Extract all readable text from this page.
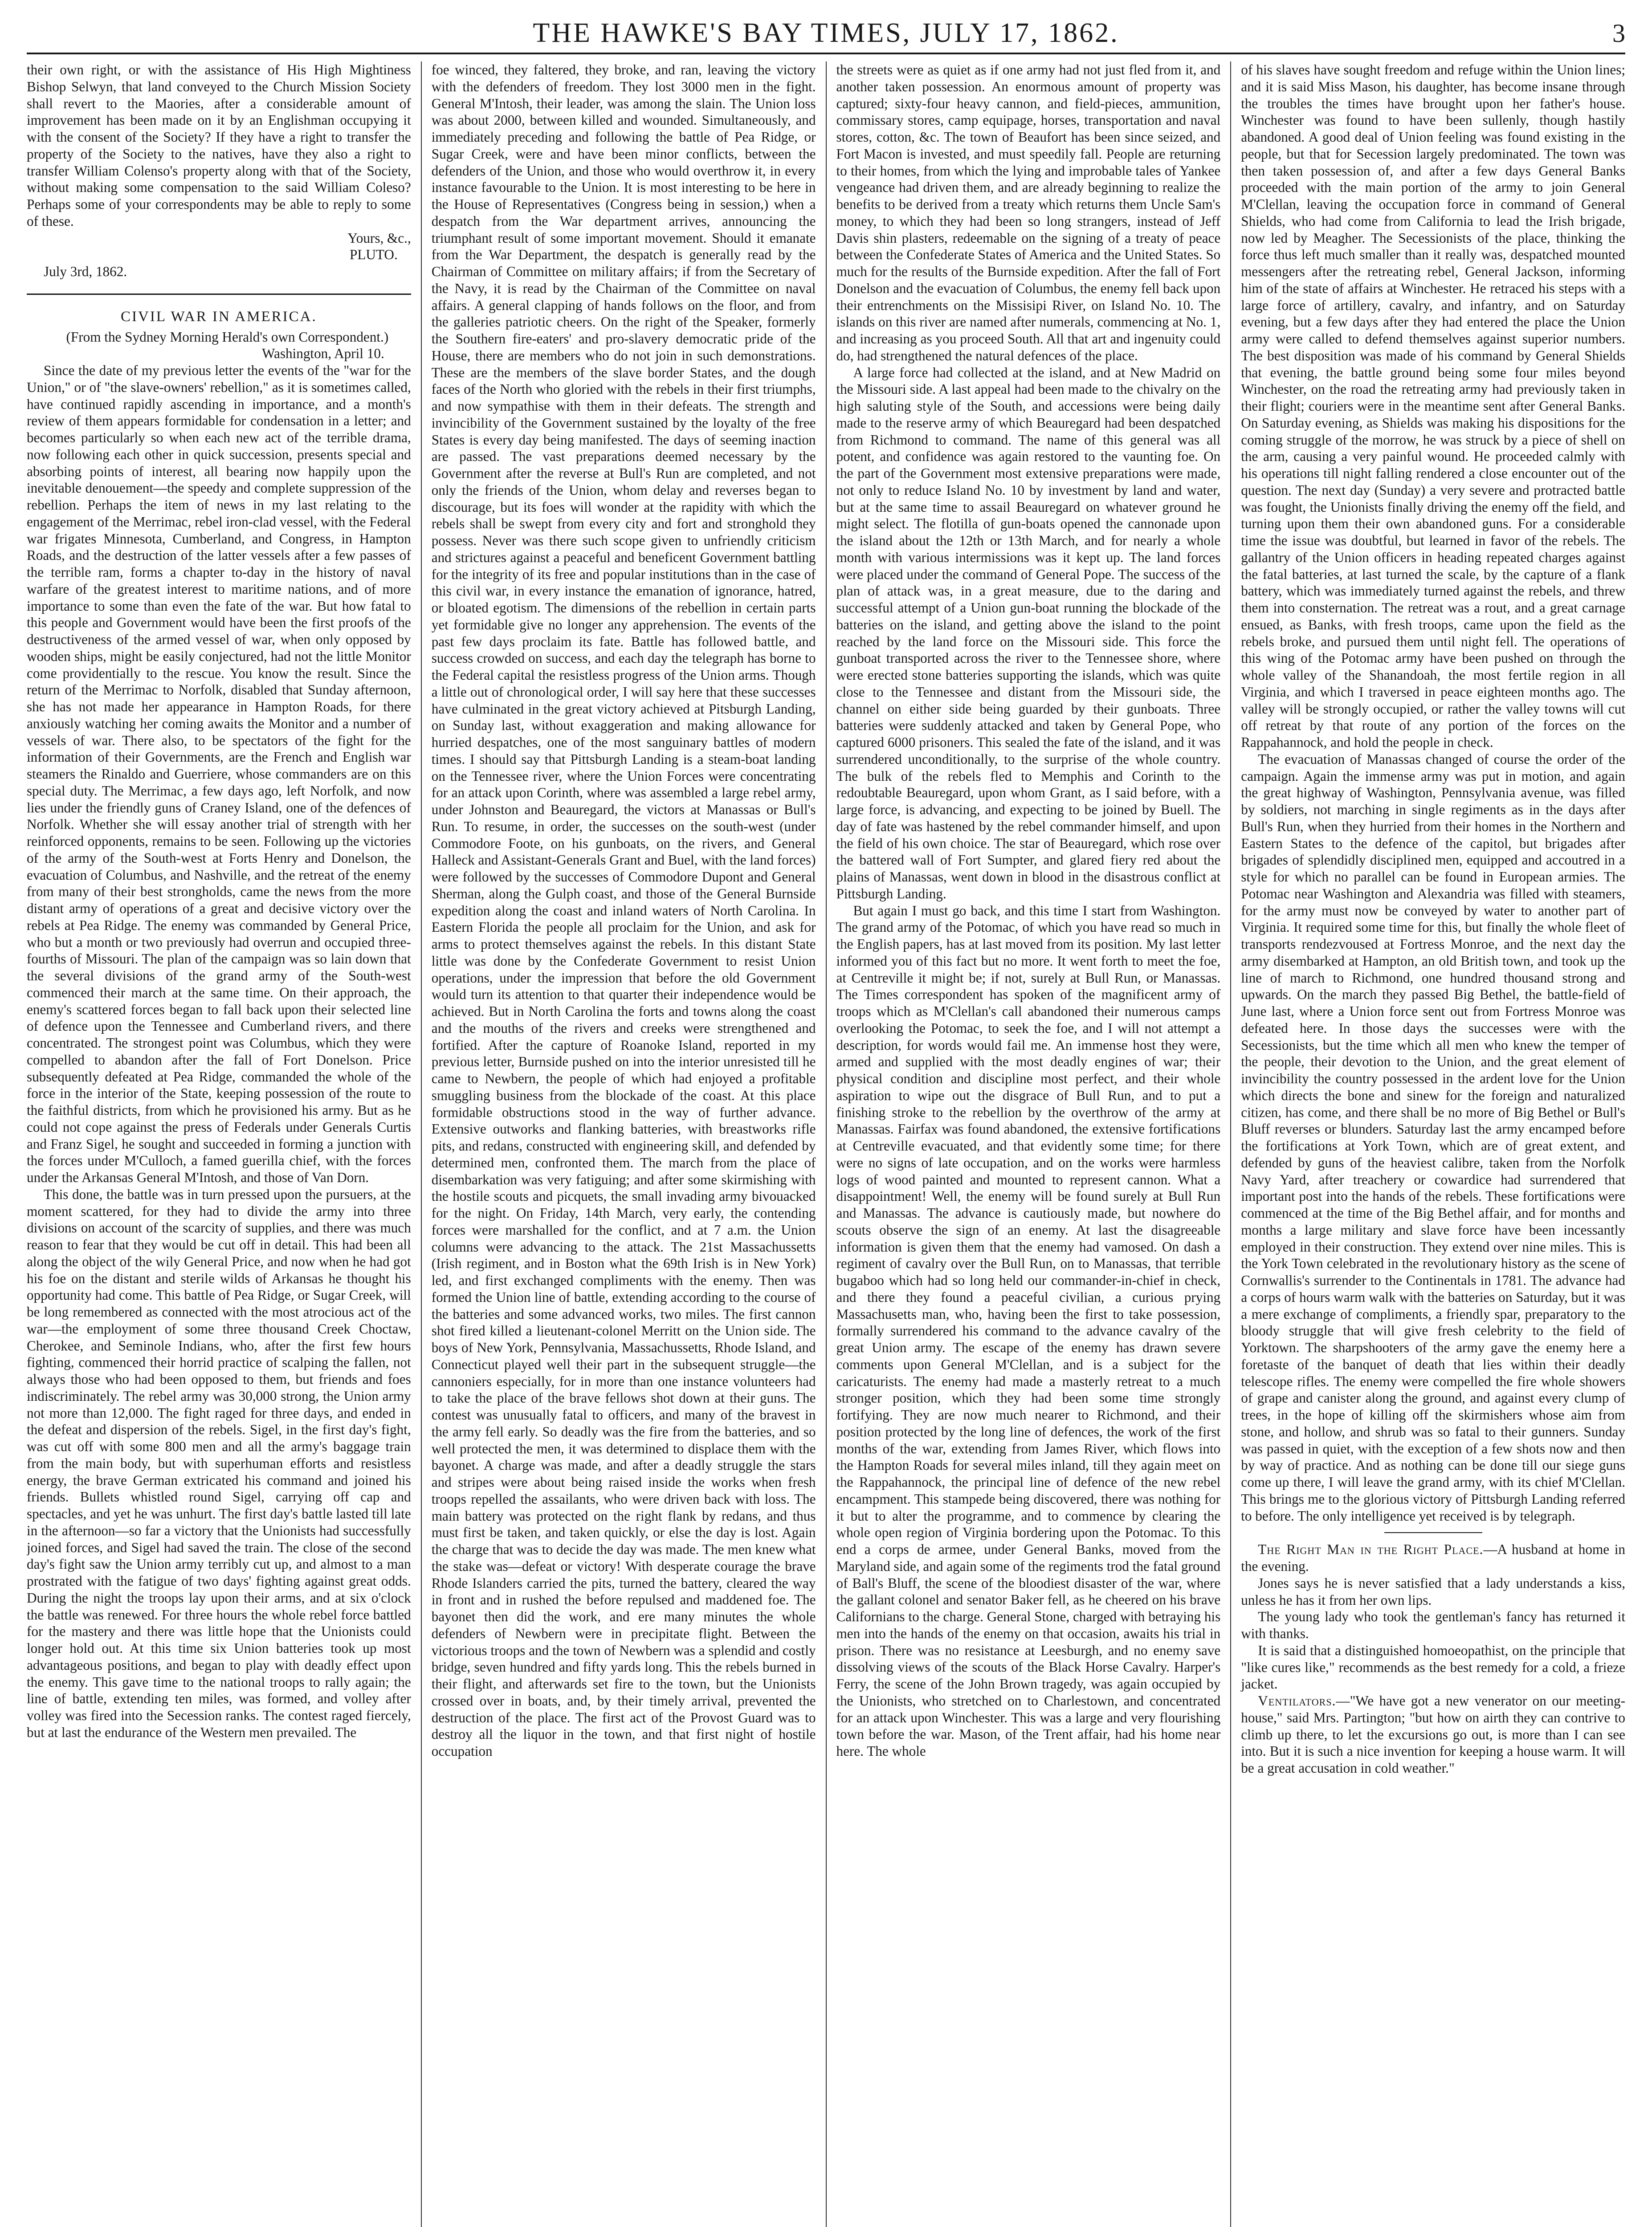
THE HAWKE'S BAY TIMES, JULY 17, 1862.	3

their own right, or with the assistance of His High Mightiness Bishop Selwyn, that land conveyed to the Church Mission Society shall revert to the Maories, after a considerable amount of improvement has been made on it by an Englishman occupying it with the consent of the Society? If they have a right to transfer the property of the Society to the natives, have they also a right to transfer William Colenso's property along with that of the Society, without making some compensation to the said William Coleso? Perhaps some of your correspondents may be able to reply to some of these.

Yours, &c.,

PLUTO.

July 3rd, 1862.

CIVIL WAR IN AMERICA.

(From the Sydney Morning Herald's own Correspondent.)

Washington, April 10.

Since the date of my previous letter the events of the "war for the Union," or of "the slave-owners' rebellion," as it is sometimes called, have continued rapidly ascending in importance, and a month's review of them appears formidable for condensation in a letter; and becomes particularly so when each new act of the terrible drama, now following each other in quick succession, presents special and absorbing points of interest, all bearing now happily upon the inevitable denouement—the speedy and complete suppression of the rebellion. Perhaps the item of news in my last relating to the engagement of the Merrimac, rebel iron-clad vessel, with the Federal war frigates Minnesota, Cumberland, and Congress, in Hampton Roads, and the destruction of the latter vessels after a few passes of the terrible ram, forms a chapter to-day in the history of naval warfare of the greatest interest to maritime nations, and of more importance to some than even the fate of the war. But how fatal to this people and Government would have been the first proofs of the destructiveness of the armed vessel of war, when only opposed by wooden ships, might be easily conjectured, had not the little Monitor come providentially to the rescue. You know the result. Since the return of the Merrimac to Norfolk, disabled that Sunday afternoon, she has not made her appearance in Hampton Roads, for there anxiously watching her coming awaits the Monitor and a number of vessels of war. There also, to be spectators of the fight for the information of their Governments, are the French and English war steamers the Rinaldo and Guerriere, whose commanders are on this special duty. The Merrimac, a few days ago, left Norfolk, and now lies under the friendly guns of Craney Island, one of the defences of Norfolk. Whether she will essay another trial of strength with her reinforced opponents, remains to be seen. Following up the victories of the army of the South-west at Forts Henry and Donelson, the evacuation of Columbus, and Nashville, and the retreat of the enemy from many of their best strongholds, came the news from the more distant army of operations of a great and decisive victory over the rebels at Pea Ridge. The enemy was commanded by General Price, who but a month or two previously had overrun and occupied three-fourths of Missouri. The plan of the campaign was so lain down that the several divisions of the grand army of the South-west commenced their march at the same time. On their approach, the enemy's scattered forces began to fall back upon their selected line of defence upon the Tennessee and Cumberland rivers, and there concentrated. The strongest point was Columbus, which they were compelled to abandon after the fall of Fort Donelson. Price subsequently defeated at Pea Ridge, commanded the whole of the force in the interior of the State, keeping possession of the route to the faithful districts, from which he provisioned his army. But as he could not cope against the press of Federals under Generals Curtis and Franz Sigel, he sought and succeeded in forming a junction with the forces under M'Culloch, a famed guerilla chief, with the forces under the Arkansas General M'Intosh, and those of Van Dorn.

This done, the battle was in turn pressed upon the pursuers, at the moment scattered, for they had to divide the army into three divisions on account of the scarcity of supplies, and there was much reason to fear that they would be cut off in detail. This had been all along the object of the wily General Price, and now when he had got his foe on the distant and sterile wilds of Arkansas he thought his opportunity had come. This battle of Pea Ridge, or Sugar Creek, will be long remembered as connected with the most atrocious act of the war—the employment of some three thousand Creek Choctaw, Cherokee, and Seminole Indians, who, after the first few hours fighting, commenced their horrid practice of scalping the fallen, not always those who had been opposed to them, but friends and foes indiscriminately. The rebel army was 30,000 strong, the Union army not more than 12,000. The fight raged for three days, and ended in the defeat and dispersion of the rebels. Sigel, in the first day's fight, was cut off with some 800 men and all the army's baggage train from the main body, but with superhuman efforts and resistless energy, the brave German extricated his command and joined his friends. Bullets whistled round Sigel, carrying off cap and spectacles, and yet he was unhurt. The first day's battle lasted till late in the afternoon—so far a victory that the Unionists had successfully joined forces, and Sigel had saved the train. The close of the second day's fight saw the Union army terribly cut up, and almost to a man prostrated with the fatigue of two days' fighting against great odds. During the night the troops lay upon their arms, and at six o'clock the battle was renewed. For three hours the whole rebel force battled for the mastery and there was little hope that the Unionists could longer hold out. At this time six Union batteries took up most advantageous positions, and began to play with deadly effect upon the enemy. This gave time to the national troops to rally again; the line of battle, extending ten miles, was formed, and volley after volley was fired into the Secession ranks. The contest raged fiercely, but at last the endurance of the Western men prevailed. The

foe winced, they faltered, they broke, and ran, leaving the victory with the defenders of freedom. They lost 3000 men in the fight. General M'Intosh, their leader, was among the slain. The Union loss was about 2000, between killed and wounded. Simultaneously, and immediately preceding and following the battle of Pea Ridge, or Sugar Creek, were and have been minor conflicts, between the defenders of the Union, and those who would overthrow it, in every instance favourable to the Union. It is most interesting to be here in the House of Representatives (Congress being in session,) when a despatch from the War department arrives, announcing the triumphant result of some important movement. Should it emanate from the War Department, the despatch is generally read by the Chairman of Committee on military affairs; if from the Secretary of the Navy, it is read by the Chairman of the Committee on naval affairs. A general clapping of hands follows on the floor, and from the galleries patriotic cheers. On the right of the Speaker, formerly the Southern fire-eaters' and pro-slavery democratic pride of the House, there are members who do not join in such demonstrations. These are the members of the slave border States, and the dough faces of the North who gloried with the rebels in their first triumphs, and now sympathise with them in their defeats. The strength and invincibility of the Government sustained by the loyalty of the free States is every day being manifested. The days of seeming inaction are passed. The vast preparations deemed necessary by the Government after the reverse at Bull's Run are completed, and not only the friends of the Union, whom delay and reverses began to discourage, but its foes will wonder at the rapidity with which the rebels shall be swept from every city and fort and stronghold they possess. Never was there such scope given to unfriendly criticism and strictures against a peaceful and beneficent Government battling for the integrity of its free and popular institutions than in the case of this civil war, in every instance the emanation of ignorance, hatred, or bloated egotism. The dimensions of the rebellion in certain parts yet formidable give no longer any apprehension. The events of the past few days proclaim its fate. Battle has followed battle, and success crowded on success, and each day the telegraph has borne to the Federal capital the resistless progress of the Union arms. Though a little out of chronological order, I will say here that these successes have culminated in the great victory achieved at Pitsburgh Landing, on Sunday last, without exaggeration and making allowance for hurried despatches, one of the most sanguinary battles of modern times. I should say that Pittsburgh Landing is a steam-boat landing on the Tennessee river, where the Union Forces were concentrating for an attack upon Corinth, where was assembled a large rebel army, under Johnston and Beauregard, the victors at Manassas or Bull's Run. To resume, in order, the successes on the south-west (under Commodore Foote, on his gunboats, on the rivers, and General Halleck and Assistant-Generals Grant and Buel, with the land forces) were followed by the successes of Commodore Dupont and General Sherman, along the Gulph coast, and those of the General Burnside expedition along the coast and inland waters of North Carolina. In Eastern Florida the people all proclaim for the Union, and ask for arms to protect themselves against the rebels. In this distant State little was done by the Confederate Government to resist Union operations, under the impression that before the old Government would turn its attention to that quarter their independence would be achieved. But in North Carolina the forts and towns along the coast and the mouths of the rivers and creeks were strengthened and fortified. After the capture of Roanoke Island, reported in my previous letter, Burnside pushed on into the interior unresisted till he came to Newbern, the people of which had enjoyed a profitable smuggling business from the blockade of the coast. At this place formidable obstructions stood in the way of further advance. Extensive outworks and flanking batteries, with breastworks rifle pits, and redans, constructed with engineering skill, and defended by determined men, confronted them. The march from the place of disembarkation was very fatiguing; and after some skirmishing with the hostile scouts and picquets, the small invading army bivouacked for the night. On Friday, 14th March, very early, the contending forces were marshalled for the conflict, and at 7 a.m. the Union columns were advancing to the attack. The 21st Massachussetts (Irish regiment, and in Boston what the 69th Irish is in New York) led, and first exchanged compliments with the enemy. Then was formed the Union line of battle, extending according to the course of the batteries and some advanced works, two miles. The first cannon shot fired killed a lieutenant-colonel Merritt on the Union side. The boys of New York, Pennsylvania, Massachussetts, Rhode Island, and Connecticut played well their part in the subsequent struggle—the cannoniers especially, for in more than one instance volunteers had to take the place of the brave fellows shot down at their guns. The contest was unusually fatal to officers, and many of the bravest in the army fell early. So deadly was the fire from the batteries, and so well protected the men, it was determined to displace them with the bayonet. A charge was made, and after a deadly struggle the stars and stripes were about being raised inside the works when fresh troops repelled the assailants, who were driven back with loss. The main battery was protected on the right flank by redans, and thus must first be taken, and taken quickly, or else the day is lost. Again the charge that was to decide the day was made. The men knew what the stake was—defeat or victory! With desperate courage the brave Rhode Islanders carried the pits, turned the battery, cleared the way in front and in rushed the before repulsed and maddened foe. The bayonet then did the work, and ere many minutes the whole defenders of Newbern were in precipitate flight. Between the victorious troops and the town of Newbern was a splendid and costly bridge, seven hundred and fifty yards long. This the rebels burned in their flight, and afterwards set fire to the town, but the Unionists crossed over in boats, and, by their timely arrival, prevented the destruction of the place. The first act of the Provost Guard was to destroy all the liquor in the town, and that first night of hostile occupation

the streets were as quiet as if one army had not just fled from it, and another taken possession. An enormous amount of property was captured; sixty-four heavy cannon, and field-pieces, ammunition, commissary stores, camp equipage, horses, transportation and naval stores, cotton, &c. The town of Beaufort has been since seized, and Fort Macon is invested, and must speedily fall. People are returning to their homes, from which the lying and improbable tales of Yankee vengeance had driven them, and are already beginning to realize the benefits to be derived from a treaty which returns them Uncle Sam's money, to which they had been so long strangers, instead of Jeff Davis shin plasters, redeemable on the signing of a treaty of peace between the Confederate States of America and the United States. So much for the results of the Burnside expedition. After the fall of Fort Donelson and the evacuation of Columbus, the enemy fell back upon their entrenchments on the Missisipi River, on Island No. 10. The islands on this river are named after numerals, commencing at No. 1, and increasing as you proceed South. All that art and ingenuity could do, had strengthened the natural defences of the place.

A large force had collected at the island, and at New Madrid on the Missouri side. A last appeal had been made to the chivalry on the high saluting style of the South, and accessions were being daily made to the reserve army of which Beauregard had been despatched from Richmond to command. The name of this general was all potent, and confidence was again restored to the vaunting foe. On the part of the Government most extensive preparations were made, not only to reduce Island No. 10 by investment by land and water, but at the same time to assail Beauregard on whatever ground he might select. The flotilla of gun-boats opened the cannonade upon the island about the 12th or 13th March, and for nearly a whole month with various intermissions was it kept up. The land forces were placed under the command of General Pope. The success of the plan of attack was, in a great measure, due to the daring and successful attempt of a Union gun-boat running the blockade of the batteries on the island, and getting above the island to the point reached by the land force on the Missouri side. This force the gunboat transported across the river to the Tennessee shore, where were erected stone batteries supporting the islands, which was quite close to the Tennessee and distant from the Missouri side, the channel on either side being guarded by their gunboats. Three batteries were suddenly attacked and taken by General Pope, who captured 6000 prisoners. This sealed the fate of the island, and it was surrendered unconditionally, to the surprise of the whole country. The bulk of the rebels fled to Memphis and Corinth to the redoubtable Beauregard, upon whom Grant, as I said before, with a large force, is advancing, and expecting to be joined by Buell. The day of fate was hastened by the rebel commander himself, and upon the field of his own choice. The star of Beauregard, which rose over the battered wall of Fort Sumpter, and glared fiery red about the plains of Manassas, went down in blood in the disastrous conflict at Pittsburgh Landing.

But again I must go back, and this time I start from Washington. The grand army of the Potomac, of which you have read so much in the English papers, has at last moved from its position. My last letter informed you of this fact but no more. It went forth to meet the foe, at Centreville it might be; if not, surely at Bull Run, or Manassas. The Times correspondent has spoken of the magnificent army of troops which as M'Clellan's call abandoned their numerous camps overlooking the Potomac, to seek the foe, and I will not attempt a description, for words would fail me. An immense host they were, armed and supplied with the most deadly engines of war; their physical condition and discipline most perfect, and their whole aspiration to wipe out the disgrace of Bull Run, and to put a finishing stroke to the rebellion by the overthrow of the army at Manassas. Fairfax was found abandoned, the extensive fortifications at Centreville evacuated, and that evidently some time; for there were no signs of late occupation, and on the works were harmless logs of wood painted and mounted to represent cannon. What a disappointment! Well, the enemy will be found surely at Bull Run and Manassas. The advance is cautiously made, but nowhere do scouts observe the sign of an enemy. At last the disagreeable information is given them that the enemy had vamosed. On dash a regiment of cavalry over the Bull Run, on to Manassas, that terrible bugaboo which had so long held our commander-in-chief in check, and there they found a peaceful civilian, a curious prying Massachusetts man, who, having been the first to take possession, formally surrendered his command to the advance cavalry of the great Union army. The escape of the enemy has drawn severe comments upon General M'Clellan, and is a subject for the caricaturists. The enemy had made a masterly retreat to a much stronger position, which they had been some time strongly fortifying. They are now much nearer to Richmond, and their position protected by the long line of defences, the work of the first months of the war, extending from James River, which flows into the Hampton Roads for several miles inland, till they again meet on the Rappahannock, the principal line of defence of the new rebel encampment. This stampede being discovered, there was nothing for it but to alter the programme, and to commence by clearing the whole open region of Virginia bordering upon the Potomac. To this end a corps de armee, under General Banks, moved from the Maryland side, and again some of the regiments trod the fatal ground of Ball's Bluff, the scene of the bloodiest disaster of the war, where the gallant colonel and senator Baker fell, as he cheered on his brave Californians to the charge. General Stone, charged with betraying his men into the hands of the enemy on that occasion, awaits his trial in prison. There was no resistance at Leesburgh, and no enemy save dissolving views of the scouts of the Black Horse Cavalry. Harper's Ferry, the scene of the John Brown tragedy, was again occupied by the Unionists, who stretched on to Charlestown, and concentrated for an attack upon Winchester. This was a large and very flourishing town before the war. Mason, of the Trent affair, had his home near here. The whole

of his slaves have sought freedom and refuge within the Union lines; and it is said Miss Mason, his daughter, has become insane through the troubles the times have brought upon her father's house. Winchester was found to have been sullenly, though hastily abandoned. A good deal of Union feeling was found existing in the people, but that for Secession largely predominated. The town was then taken possession of, and after a few days General Banks proceeded with the main portion of the army to join General M'Clellan, leaving the occupation force in command of General Shields, who had come from California to lead the Irish brigade, now led by Meagher. The Secessionists of the place, thinking the force thus left much smaller than it really was, despatched mounted messengers after the retreating rebel, General Jackson, informing him of the state of affairs at Winchester. He retraced his steps with a large force of artillery, cavalry, and infantry, and on Saturday evening, but a few days after they had entered the place the Union army were called to defend themselves against superior numbers. The best disposition was made of his command by General Shields that evening, the battle ground being some four miles beyond Winchester, on the road the retreating army had previously taken in their flight; couriers were in the meantime sent after General Banks. On Saturday evening, as Shields was making his dispositions for the coming struggle of the morrow, he was struck by a piece of shell on the arm, causing a very painful wound. He proceeded calmly with his operations till night falling rendered a close encounter out of the question. The next day (Sunday) a very severe and protracted battle was fought, the Unionists finally driving the enemy off the field, and turning upon them their own abandoned guns. For a considerable time the issue was doubtful, but learned in favor of the rebels. The gallantry of the Union officers in heading repeated charges against the fatal batteries, at last turned the scale, by the capture of a flank battery, which was immediately turned against the rebels, and threw them into consternation. The retreat was a rout, and a great carnage ensued, as Banks, with fresh troops, came upon the field as the rebels broke, and pursued them until night fell. The operations of this wing of the Potomac army have been pushed on through the whole valley of the Shanandoah, the most fertile region in all Virginia, and which I traversed in peace eighteen months ago. The valley will be strongly occupied, or rather the valley towns will cut off retreat by that route of any portion of the forces on the Rappahannock, and hold the people in check.

The evacuation of Manassas changed of course the order of the campaign. Again the immense army was put in motion, and again the great highway of Washington, Pennsylvania avenue, was filled by soldiers, not marching in single regiments as in the days after Bull's Run, when they hurried from their homes in the Northern and Eastern States to the defence of the capitol, but brigades after brigades of splendidly disciplined men, equipped and accoutred in a style for which no parallel can be found in European armies. The Potomac near Washington and Alexandria was filled with steamers, for the army must now be conveyed by water to another part of Virginia. It required some time for this, but finally the whole fleet of transports rendezvoused at Fortress Monroe, and the next day the army disembarked at Hampton, an old British town, and took up the line of march to Richmond, one hundred thousand strong and upwards. On the march they passed Big Bethel, the battle-field of June last, where a Union force sent out from Fortress Monroe was defeated here. In those days the successes were with the Secessionists, but the time which all men who knew the temper of the people, their devotion to the Union, and the great element of invincibility the country possessed in the ardent love for the Union which directs the bone and sinew for the foreign and naturalized citizen, has come, and there shall be no more of Big Bethel or Bull's Bluff reverses or blunders. Saturday last the army encamped before the fortifications at York Town, which are of great extent, and defended by guns of the heaviest calibre, taken from the Norfolk Navy Yard, after treachery or cowardice had surrendered that important post into the hands of the rebels. These fortifications were commenced at the time of the Big Bethel affair, and for months and months a large military and slave force have been incessantly employed in their construction. They extend over nine miles. This is the York Town celebrated in the revolutionary history as the scene of Cornwallis's surrender to the Continentals in 1781. The advance had a corps of hours warm walk with the batteries on Saturday, but it was a mere exchange of compliments, a friendly spar, preparatory to the bloody struggle that will give fresh celebrity to the field of Yorktown. The sharpshooters of the army gave the enemy here a foretaste of the banquet of death that lies within their deadly telescope rifles. The enemy were compelled the fire whole showers of grape and canister along the ground, and against every clump of trees, in the hope of killing off the skirmishers whose aim from stone, and hollow, and shrub was so fatal to their gunners. Sunday was passed in quiet, with the exception of a few shots now and then by way of practice. And as nothing can be done till our siege guns come up there, I will leave the grand army, with its chief M'Clellan. This brings me to the glorious victory of Pittsburgh Landing referred to before. The only intelligence yet received is by telegraph.

The Right Man in the Right Place.—A husband at home in the evening.

Jones says he is never satisfied that a lady understands a kiss, unless he has it from her own lips.

The young lady who took the gentleman's fancy has returned it with thanks.

It is said that a distinguished homoeopathist, on the principle that "like cures like," recommends as the best remedy for a cold, a frieze jacket.

Ventilators.—"We have got a new venerator on our meeting-house," said Mrs. Partington; "but how on airth they can contrive to climb up there, to let the excursions go out, is more than I can see into. But it is such a nice invention for keeping a house warm. It will be a great accusation in cold weather."
